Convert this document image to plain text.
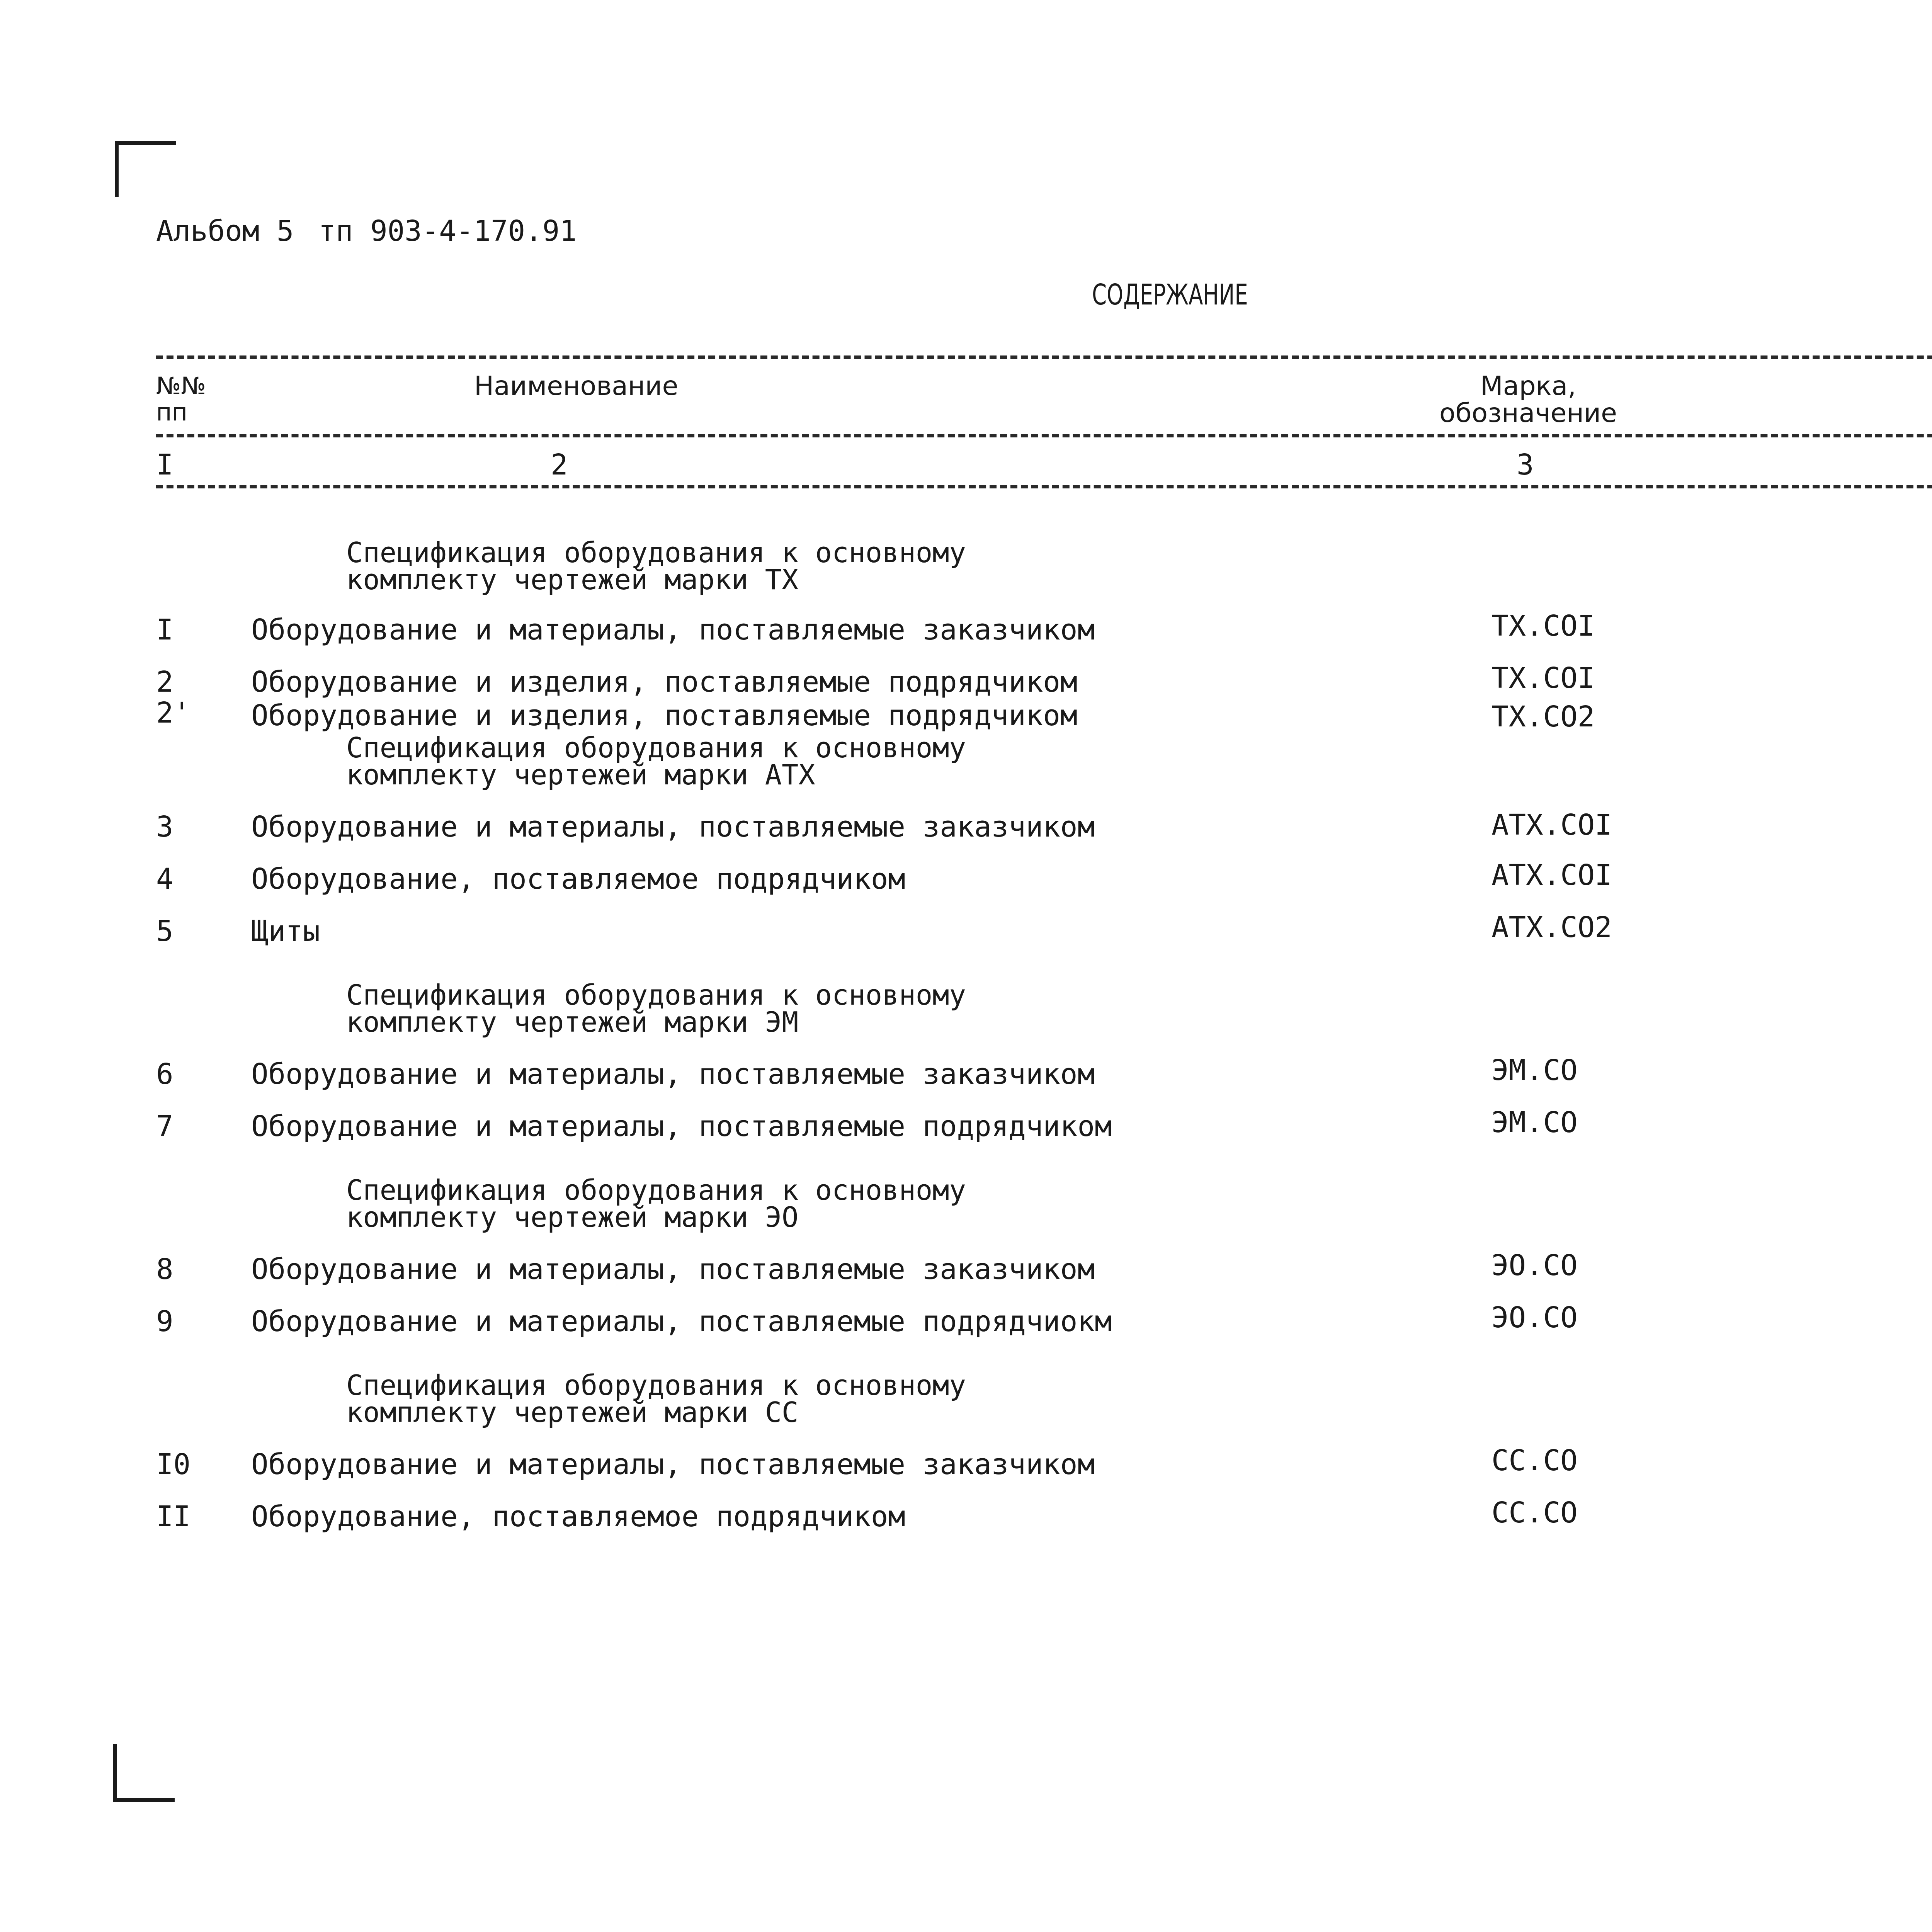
Альбом 5 тп 903-4-170.91
СОДЕРЖАНИЕ
№№
пп
Наименование	Марка,
обозначение
I	2	3
Спецификация оборудования к основному
комплекту чертежей марки ТХ
I	Оборудование и материалы, поставляемые заказчиком	ТХ.СОI
2	Оборудование и изделия, поставляемые подрядчиком	ТХ.СОI
2' Оборудование и изделия, поставляемые подрядчиком	ТХ.СО2
Спецификация оборудования к основному
комплекту чертежей марки АТХ
3	Оборудование и материалы, поставляемые заказчиком	АТХ.СОI
4	Оборудование, поставляемое подрядчиком	АТХ.СОI
5	Щиты	АТХ.СО2
Спецификация оборудования к основному
комплекту чертежей марки ЭМ
6	Оборудование и материалы, поставляемые заказчиком	ЭМ.СО
7	Оборудование и материалы, поставляемые подрядчиком	ЭМ.СО
Спецификация оборудования к основному
комплекту чертежей марки ЭО
8	Оборудование и материалы, поставляемые заказчиком	ЭО.СО
9	Оборудование и материалы, поставляемые подрядчиокм	ЭО.СО
Спецификация оборудования к основному
комплекту чертежей марки СС
I0 Оборудование и материалы, поставляемые заказчиком	СС.СО
II Оборудование, поставляемое подрядчиком	СС.СО
